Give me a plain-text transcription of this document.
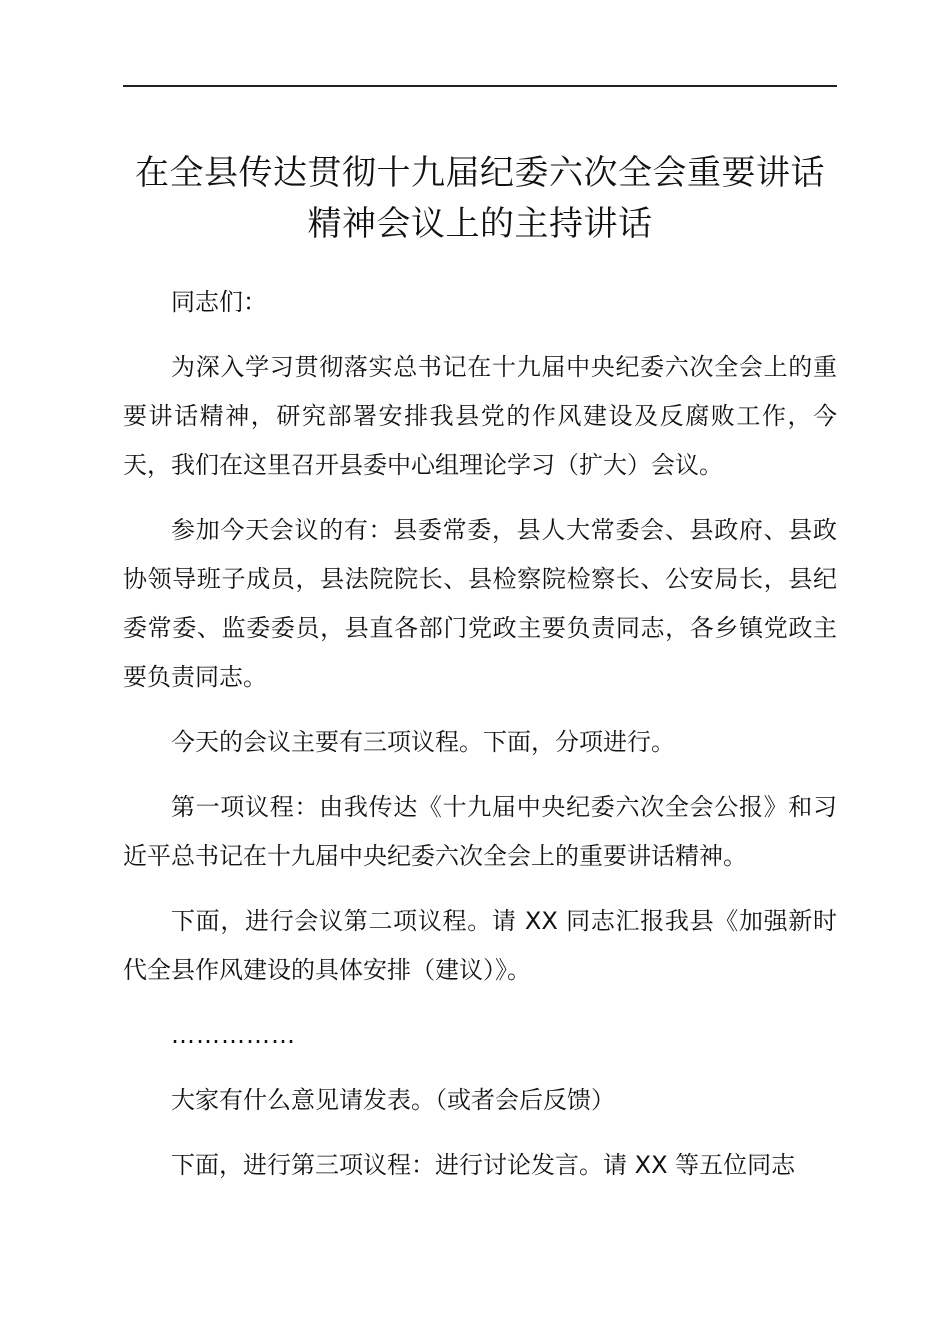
在全县传达贯彻十九届纪委六次全会重要讲话
精神会议上的主持讲话

同志们：

为深入学习贯彻落实总书记在十九届中央纪委六次全会上的重要讲话精神，研究部署安排我县党的作风建设及反腐败工作，今天，我们在这里召开县委中心组理论学习（扩大）会议。

参加今天会议的有：县委常委，县人大常委会、县政府、县政协领导班子成员，县法院院长、县检察院检察长、公安局长，县纪委常委、监委委员，县直各部门党政主要负责同志，各乡镇党政主要负责同志。

今天的会议主要有三项议程。下面，分项进行。

第一项议程：由我传达《十九届中央纪委六次全会公报》和习近平总书记在十九届中央纪委六次全会上的重要讲话精神。

下面，进行会议第二项议程。请 XX 同志汇报我县《加强新时代全县作风建设的具体安排（建议）》。

……………

大家有什么意见请发表。（或者会后反馈）

下面，进行第三项议程：进行讨论发言。请 XX 等五位同志
